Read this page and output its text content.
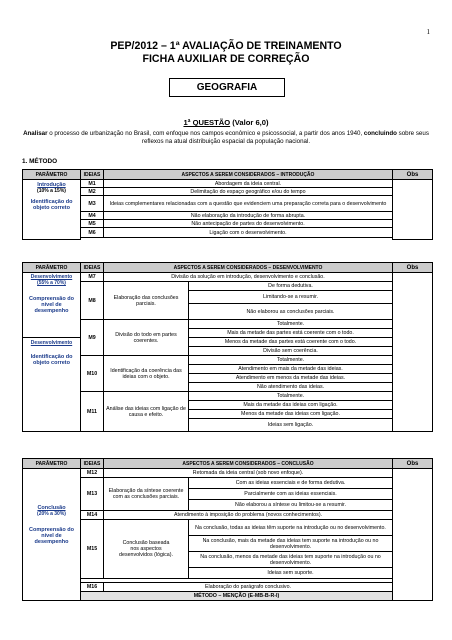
1
PEP/2012 – 1ª AVALIAÇÃO DE TREINAMENTO
FICHA AUXILIAR DE CORREÇÃO
GEOGRAFIA
1ª QUESTÃO (Valor 6,0)
Analisar o processo de urbanização no Brasil, com enfoque nos campos econômico e psicossocial, a partir dos anos 1940, concluindo sobre seus reflexos na atual distribuição espacial da população nacional.
1. MÉTODO
PARÂMETRO	IDEIAS	ASPECTOS A SEREM CONSIDERADOS – INTRODUÇÃO	Obs

Introdução
(10% a 15%)
Identificação do objeto correto	M1	Abordagem da ideia central.	
	M2	Delimitação do espaço geográfico e/ou do tempo	
	M3	Ideias complementares relacionadas com a questão que evidenciem uma preparação correta para o desenvolvimento	
	M4	Não elaboração da introdução de forma abrupta.	
	M5	Não antecipação de partes do desenvolvimento.	
	M6	Ligação com o desenvolvimento.	

PARÂMETRO	IDEIAS	ASPECTOS A SEREM CONSIDERADOS – DESENVOLVIMENTO		Obs

Desenvolvimento
(55% a 70%)
Compreensão do nível de desempenho	M7	Divisão da solução em introdução, desenvolvimento e conclusão.		
	M8	Elaboração das conclusões parciais.	De forma dedutiva.	
			Limitando-se a resumir.	
			Não elaborou as conclusões parciais.	
	M9	Divisão do todo em partes coerentes.	Totalmente.	
			Mais da metade das partes está coerente com o todo.	

Desenvolvimento
Identificação do objeto correto			Menos da metade das partes está coerente com o todo.	
			Divisão sem coerência.	
	M10	Identificação da coerência das ideias com o objeto.	Totalmente.	
			Atendimento em mais da metade das ideias.	
			Atendimento em menos da metade das ideias.	
			Não atendimento das ideias.	
	M11	Análise das ideias com ligação de causa e efeito.	Totalmente.	
			Mais da metade das ideias com ligação.	
			Menos da metade das ideias com ligação.	
			Ideias sem ligação.	
PARÂMETRO	IDEIAS	ASPECTOS A SEREM CONSIDERADOS – CONCLUSÃO		Obs

Conclusão
(20% a 30%)
Compreensão do nível de desempenho	M12	Retomada da ideia central (sob novo enfoque).		
	M13	Elaboração da síntese coerente com as conclusões parciais.	Com as ideias essenciais e de forma dedutiva.	
			Parcialmente com as ideias essenciais.	
			Não elaborou a síntese ou limitou-se a resumir.	
	M14	Atendimento à imposição do problema (novos conhecimentos).		
	M15	Conclusão baseada nos aspectos desenvolvidos (lógica).	Na conclusão, todas as ideias têm suporte na introdução ou no desenvolvimento.	
			Na conclusão, mais da metade das ideias tem suporte na introdução ou no desenvolvimento.	
			Na conclusão, menos da metade das ideias tem suporte na introdução ou no desenvolvimento.	
			Ideias sem suporte.	

	M16	Elaboração do parágrafo conclusivo.		
	MÉTODO – MENÇÃO (E-MB-B-R-I)			
